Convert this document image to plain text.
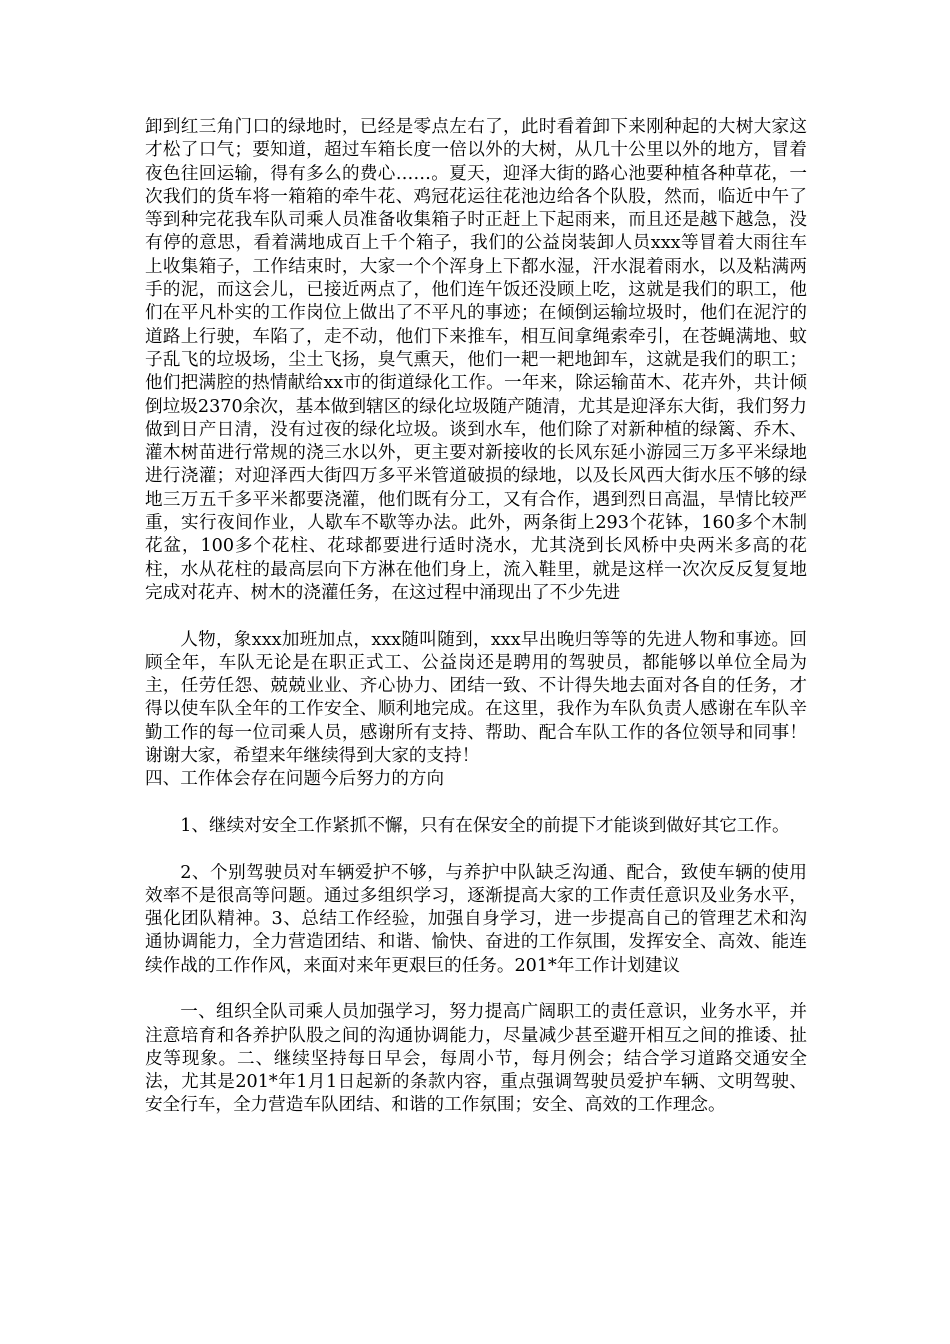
卸到红三角门口的绿地时，已经是零点左右了，此时看着卸下来刚种起的大树大家这才松了口气；要知道，超过车箱长度一倍以外的大树，从几十公里以外的地方，冒着夜色往回运输，得有多么的费心……。夏天，迎泽大街的路心池要种植各种草花，一次我们的货车将一箱箱的牵牛花、鸡冠花运往花池边给各个队股，然而，临近中午了等到种完花我车队司乘人员准备收集箱子时正赶上下起雨来，而且还是越下越急，没有停的意思，看着满地成百上千个箱子，我们的公益岗装卸人员xxx等冒着大雨往车上收集箱子，工作结束时，大家一个个浑身上下都水湿，汗水混着雨水，以及粘满两手的泥，而这会儿，已接近两点了，他们连午饭还没顾上吃，这就是我们的职工，他们在平凡朴实的工作岗位上做出了不平凡的事迹；在倾倒运输垃圾时，他们在泥泞的道路上行驶，车陷了，走不动，他们下来推车，相互间拿绳索牵引，在苍蝇满地、蚊子乱飞的垃圾场，尘土飞扬，臭气熏天，他们一耙一耙地卸车，这就是我们的职工；他们把满腔的热情献给xx市的街道绿化工作。一年来，除运输苗木、花卉外，共计倾倒垃圾2370余次，基本做到辖区的绿化垃圾随产随清，尤其是迎泽东大街，我们努力做到日产日清，没有过夜的绿化垃圾。谈到水车，他们除了对新种植的绿篱、乔木、灌木树苗进行常规的浇三水以外，更主要对新接收的长风东延小游园三万多平米绿地进行浇灌；对迎泽西大街四万多平米管道破损的绿地，以及长风西大街水压不够的绿地三万五千多平米都要浇灌，他们既有分工，又有合作，遇到烈日高温，旱情比较严重，实行夜间作业，人歇车不歇等办法。此外，两条街上293个花钵，160多个木制花盆，100多个花柱、花球都要进行适时浇水，尤其浇到长风桥中央两米多高的花柱，水从花柱的最高层向下方淋在他们身上，流入鞋里，就是这样一次次反反复复地完成对花卉、树木的浇灌任务，在这过程中涌现出了不少先进

人物，象xxx加班加点，xxx随叫随到，xxx早出晚归等等的先进人物和事迹。回顾全年，车队无论是在职正式工、公益岗还是聘用的驾驶员，都能够以单位全局为主，任劳任怨、兢兢业业、齐心协力、团结一致、不计得失地去面对各自的任务，才得以使车队全年的工作安全、顺利地完成。在这里，我作为车队负责人感谢在车队辛勤工作的每一位司乘人员，感谢所有支持、帮助、配合车队工作的各位领导和同事！谢谢大家，希望来年继续得到大家的支持！

四、工作体会存在问题今后努力的方向

1、继续对安全工作紧抓不懈，只有在保安全的前提下才能谈到做好其它工作。

2、个别驾驶员对车辆爱护不够，与养护中队缺乏沟通、配合，致使车辆的使用效率不是很高等问题。通过多组织学习，逐渐提高大家的工作责任意识及业务水平，强化团队精神。3、总结工作经验，加强自身学习，进一步提高自己的管理艺术和沟通协调能力，全力营造团结、和谐、愉快、奋进的工作氛围，发挥安全、高效、能连续作战的工作作风，来面对来年更艰巨的任务。201*年工作计划建议

一、组织全队司乘人员加强学习，努力提高广阔职工的责任意识，业务水平，并注意培育和各养护队股之间的沟通协调能力，尽量减少甚至避开相互之间的推诿、扯皮等现象。二、继续坚持每日早会，每周小节，每月例会；结合学习道路交通安全法，尤其是201*年1月1日起新的条款内容，重点强调驾驶员爱护车辆、文明驾驶、安全行车，全力营造车队团结、和谐的工作氛围；安全、高效的工作理念。
